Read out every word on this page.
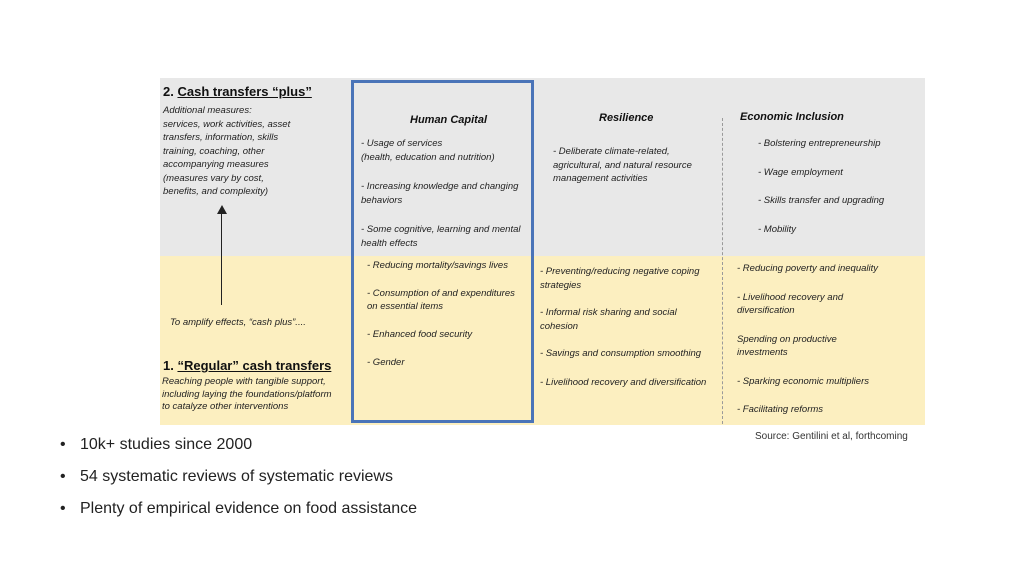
2. Cash transfers “plus”
Additional measures:
services, work activities, asset
transfers, information, skills
training, coaching, other
accompanying measures
(measures vary by cost,
benefits, and complexity)
To amplify effects, “cash plus”....
1. “Regular” cash transfers
Reaching people with tangible support,
including laying the foundations/platform
to catalyze other interventions
Human Capital
- Usage of services
(health, education and nutrition)
- Increasing knowledge and changing
behaviors
- Some cognitive, learning and mental
health effects
- Reducing mortality/savings lives
- Consumption of and expenditures
on essential items
- Enhanced food security
- Gender
Resilience
- Deliberate climate-related,
agricultural, and natural resource
management activities
- Preventing/reducing negative coping
strategies
- Informal risk sharing and social
cohesion
- Savings and consumption smoothing
- Livelihood recovery and diversification
Economic Inclusion
- Bolstering entrepreneurship
- Wage employment
- Skills transfer and upgrading
- Mobility
- Reducing poverty and inequality
- Livelihood recovery and
diversification
Spending on productive
investments
- Sparking economic multipliers
- Facilitating reforms
Source: Gentilini et al, forthcoming
• 10k+ studies since 2000
• 54 systematic reviews of systematic reviews
• Plenty of empirical evidence on food assistance
